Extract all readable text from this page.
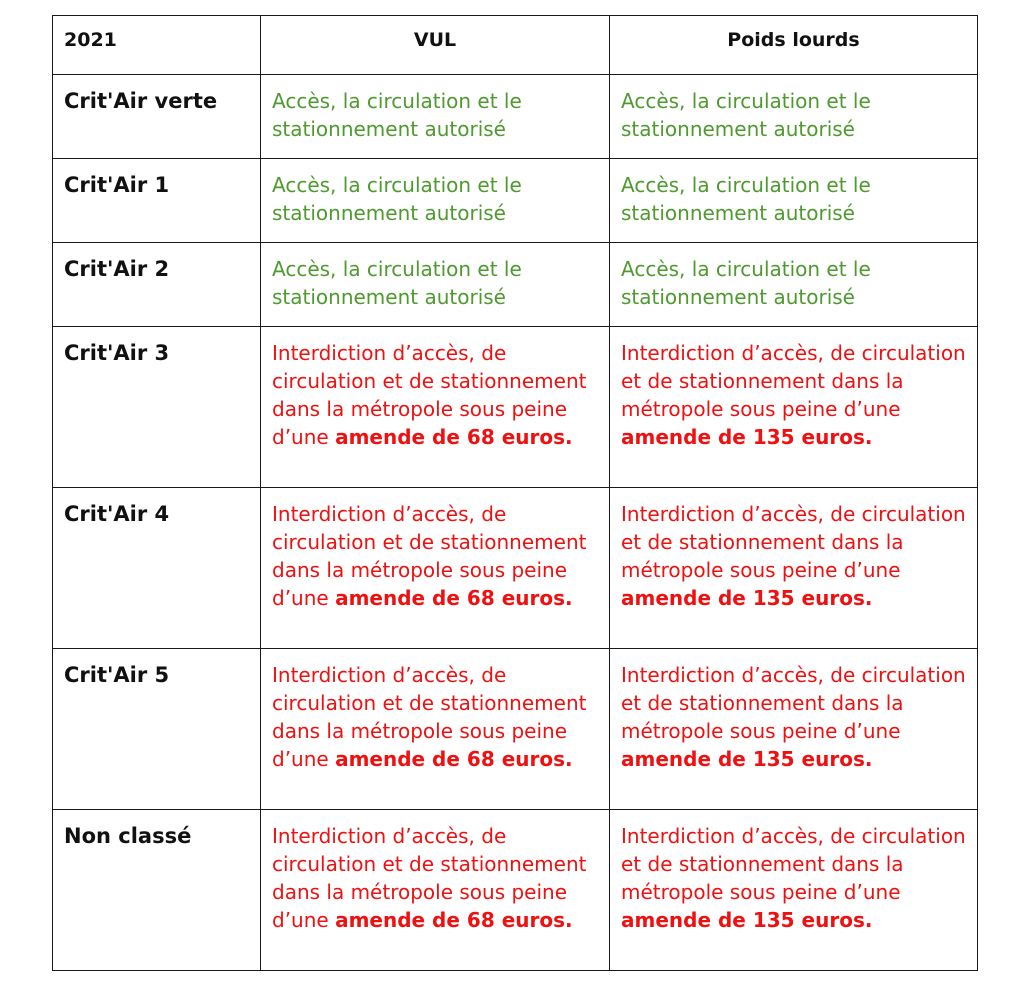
2021	VUL	Poids lourds
Crit'Air verte	Accès, la circulation et le stationnement autorisé	Accès, la circulation et le stationnement autorisé
Crit'Air 1	Accès, la circulation et le stationnement autorisé	Accès, la circulation et le stationnement autorisé
Crit'Air 2	Accès, la circulation et le stationnement autorisé	Accès, la circulation et le stationnement autorisé
Crit'Air 3	Interdiction d’accès, de circulation et de stationnement dans la métropole sous peine d’une amende de 68 euros.	Interdiction d’accès, de circulation et de stationnement dans la métropole sous peine d’une amende de 135 euros.
Crit'Air 4	Interdiction d’accès, de circulation et de stationnement dans la métropole sous peine d’une amende de 68 euros.	Interdiction d’accès, de circulation et de stationnement dans la métropole sous peine d’une amende de 135 euros.
Crit'Air 5	Interdiction d’accès, de circulation et de stationnement dans la métropole sous peine d’une amende de 68 euros.	Interdiction d’accès, de circulation et de stationnement dans la métropole sous peine d’une amende de 135 euros.
Non classé	Interdiction d’accès, de circulation et de stationnement dans la métropole sous peine d’une amende de 68 euros.	Interdiction d’accès, de circulation et de stationnement dans la métropole sous peine d’une amende de 135 euros.
